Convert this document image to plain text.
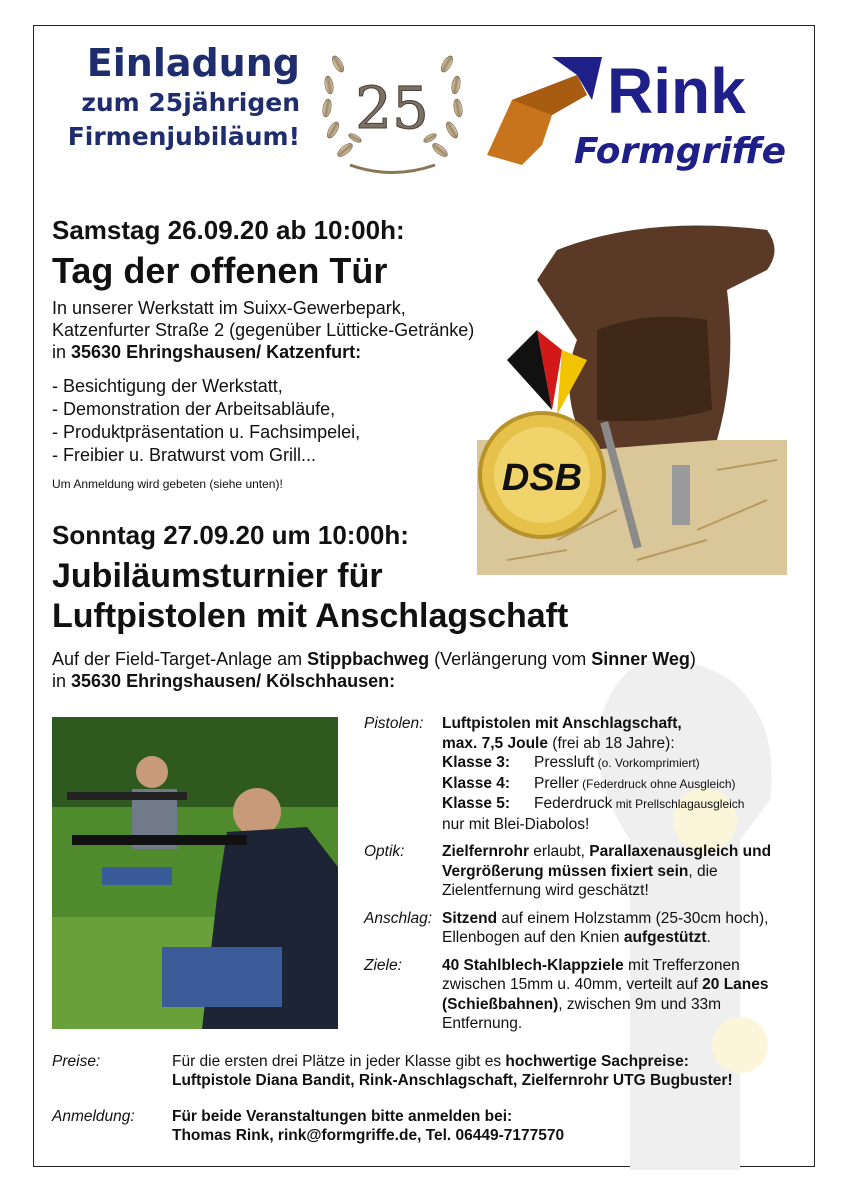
Einladung
zum 25jährigen
Firmenjubiläum! 25	Rink
Formgriffe
Samstag 26.09.20 ab 10:00h:
Tag der offenen Tür
In unserer Werkstatt im Suixx-Gewerbepark,
Katzenfurter Straße 2 (gegenüber Lütticke-Getränke)
in 35630 Ehringshausen/ Katzenfurt:
- Besichtigung der Werkstatt,
- Demonstration der Arbeitsabläufe,
- Produktpräsentation u. Fachsimpelei,
- Freibier u. Bratwurst vom Grill...
Um Anmeldung wird gebeten (siehe unten)!	DSB
Sonntag 27.09.20 um 10:00h:
Jubiläumsturnier für
Luftpistolen mit Anschlagschaft
Auf der Field-Target-Anlage am Stippbachweg (Verlängerung vom Sinner Weg)
in 35630 Ehringshausen/ Kölschhausen:
Pistolen:	Luftpistolen mit Anschlagschaft,
max. 7,5 Joule (frei ab 18 Jahre):
Klasse 3:	Pressluft (o. Vorkomprimiert)
Klasse 4:	Preller (Federdruck ohne Ausgleich)
Klasse 5:	Federdruck mit Prellschlagausgleich
nur mit Blei-Diabolos!
Optik:	Zielfernrohr erlaubt, Parallaxenausgleich und Vergrößerung müssen fixiert sein, die Zielentfernung wird geschätzt!
Anschlag: Sitzend auf einem Holzstamm (25-30cm hoch), Ellenbogen auf den Knien aufgestützt.
Ziele:	40 Stahlblech-Klappziele mit Trefferzonen zwischen 15mm u. 40mm, verteilt auf 20 Lanes (Schießbahnen), zwischen 9m und 33m Entfernung.
Preise:	Für die ersten drei Plätze in jeder Klasse gibt es hochwertige Sachpreise:
Luftpistole Diana Bandit, Rink-Anschlagschaft, Zielfernrohr UTG Bugbuster!
Anmeldung:	Für beide Veranstaltungen bitte anmelden bei:
Thomas Rink, rink@formgriffe.de, Tel. 06449-7177570
